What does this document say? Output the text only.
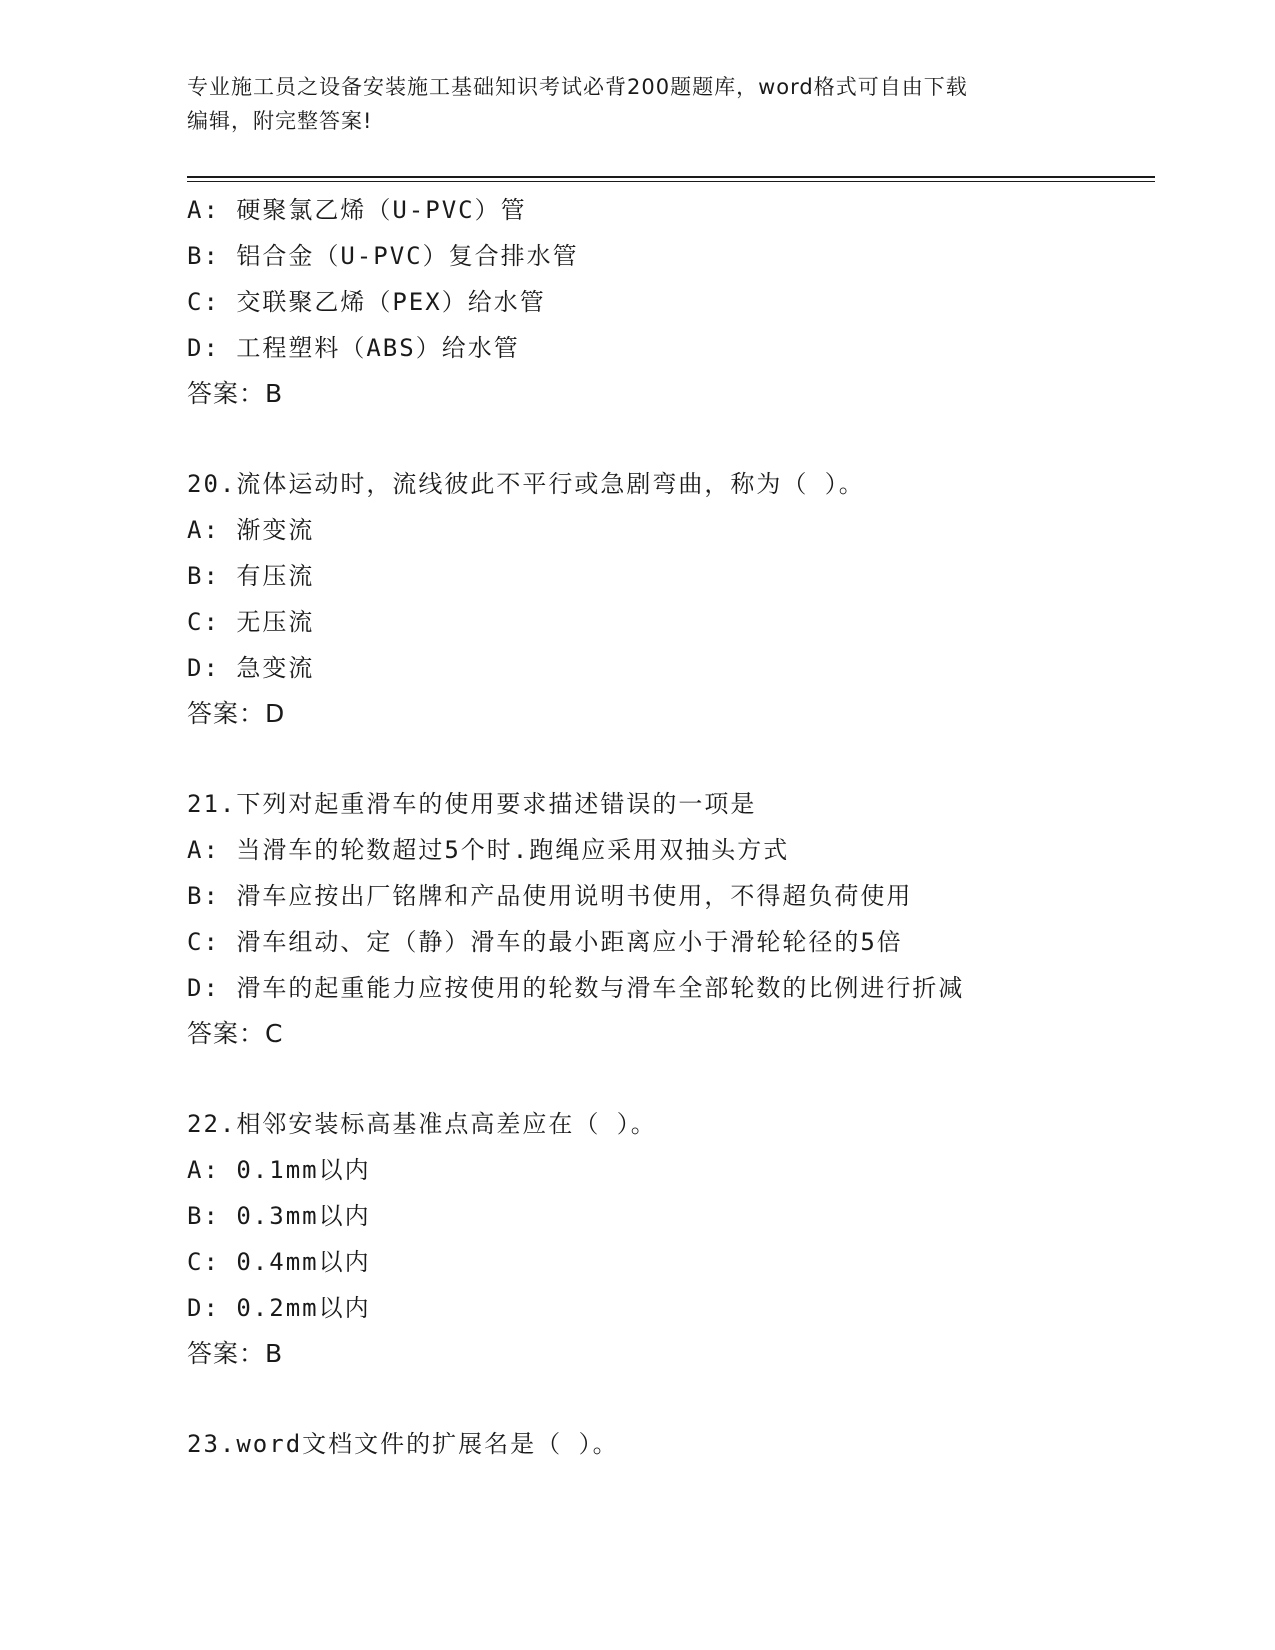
专业施工员之设备安装施工基础知识考试必背200题题库，word格式可自由下载
编辑，附完整答案!
A: 硬聚氯乙烯（U-PVC）管
B: 铝合金（U-PVC）复合排水管
C: 交联聚乙烯（PEX）给水管
D: 工程塑料（ABS）给水管
答案：B
20.流体运动时，流线彼此不平行或急剧弯曲，称为（ ）。
A: 渐变流
B: 有压流
C: 无压流
D: 急变流
答案：D
21.下列对起重滑车的使用要求描述错误的一项是
A: 当滑车的轮数超过5个时.跑绳应采用双抽头方式
B: 滑车应按出厂铭牌和产品使用说明书使用，不得超负荷使用
C: 滑车组动、定（静）滑车的最小距离应小于滑轮轮径的5倍
D: 滑车的起重能力应按使用的轮数与滑车全部轮数的比例进行折减
答案：C
22.相邻安装标高基准点高差应在（ ）。
A: 0.1mm以内
B: 0.3mm以内
C: 0.4mm以内
D: 0.2mm以内
答案：B
23.word文档文件的扩展名是（ ）。
